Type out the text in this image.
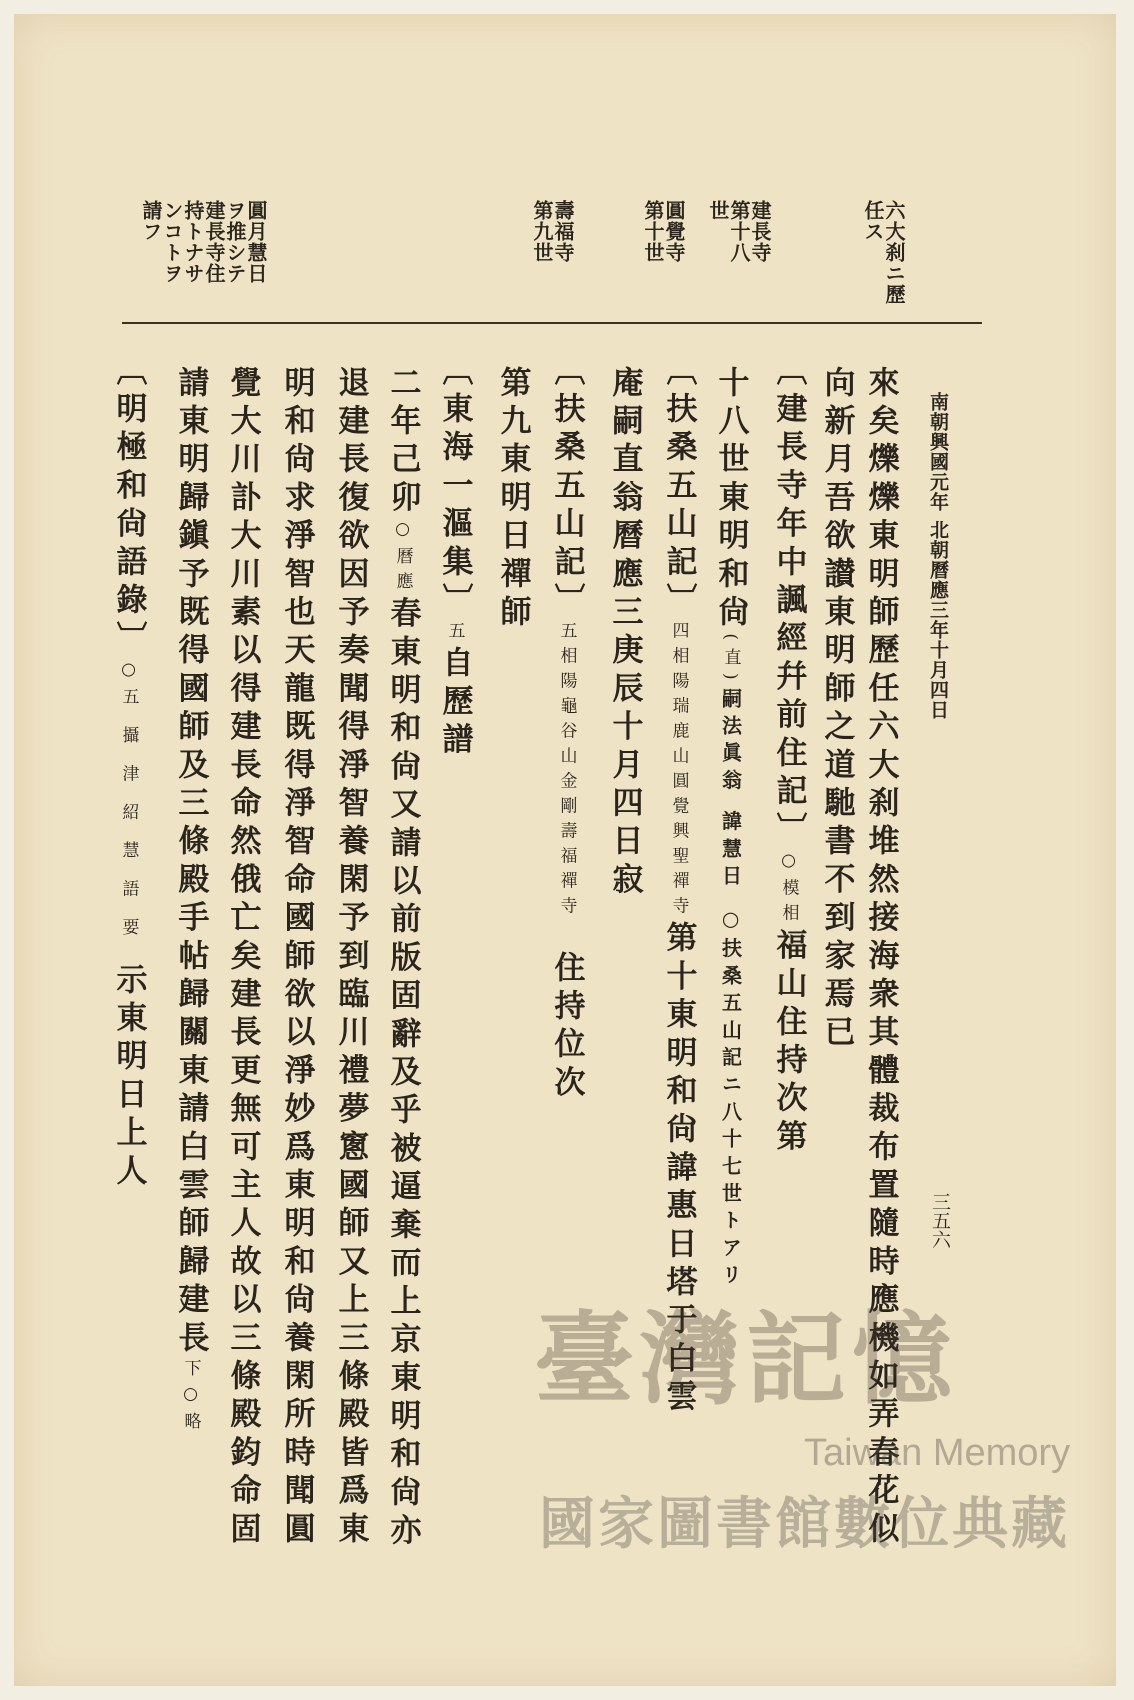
南朝興國元年 北朝曆應三年十月四日
三五六
六大刹ニ歷任ス
建長寺第十八世
圓覺寺第十世
壽福寺第九世
圓月慧日ヲ推シテ建長寺住持トナサンコトヲ請フ
來矣爍爍東明師歷任六大刹堆然接海衆其體裁布置隨時應機如弄春花似
向新月吾欲讃東明師之道馳書不到家焉已
〔建長寺年中諷經幷前住記〕○模相福山住持次第
十八世東明和尙(直)嗣法眞翁 諱慧日 ○扶桑五山記ニ八十七世トアリ
〔扶桑五山記〕四相陽瑞鹿山圓覺興聖禪寺第十東明和尙諱惠日塔于白雲
庵嗣直翁曆應三庚辰十月四日寂
〔扶桑五山記〕五相陽龜谷山金剛壽福禪寺住持位次
第九東明日禪師
〔東海一漚集〕五自歷譜
二年己卯○曆應春東明和尙又請以前版固辭及乎被逼棄而上京東明和尙亦
退建長復欲因予奏聞得淨智養閑予到臨川禮夢窻國師又上三條殿皆爲東
明和尙求淨智也天龍既得淨智命國師欲以淨妙爲東明和尙養閑所時聞圓
覺大川訃大川素以得建長命然俄亡矣建長更無可主人故以三條殿鈞命固
請東明歸鎭予既得國師及三條殿手帖歸關東請白雲師歸建長下○略
〔明極和尙語錄〕○五 攝 津 紹 慧 語 要示東明日上人
臺灣記憶
Taiwan Memory
國家圖書館數位典藏
